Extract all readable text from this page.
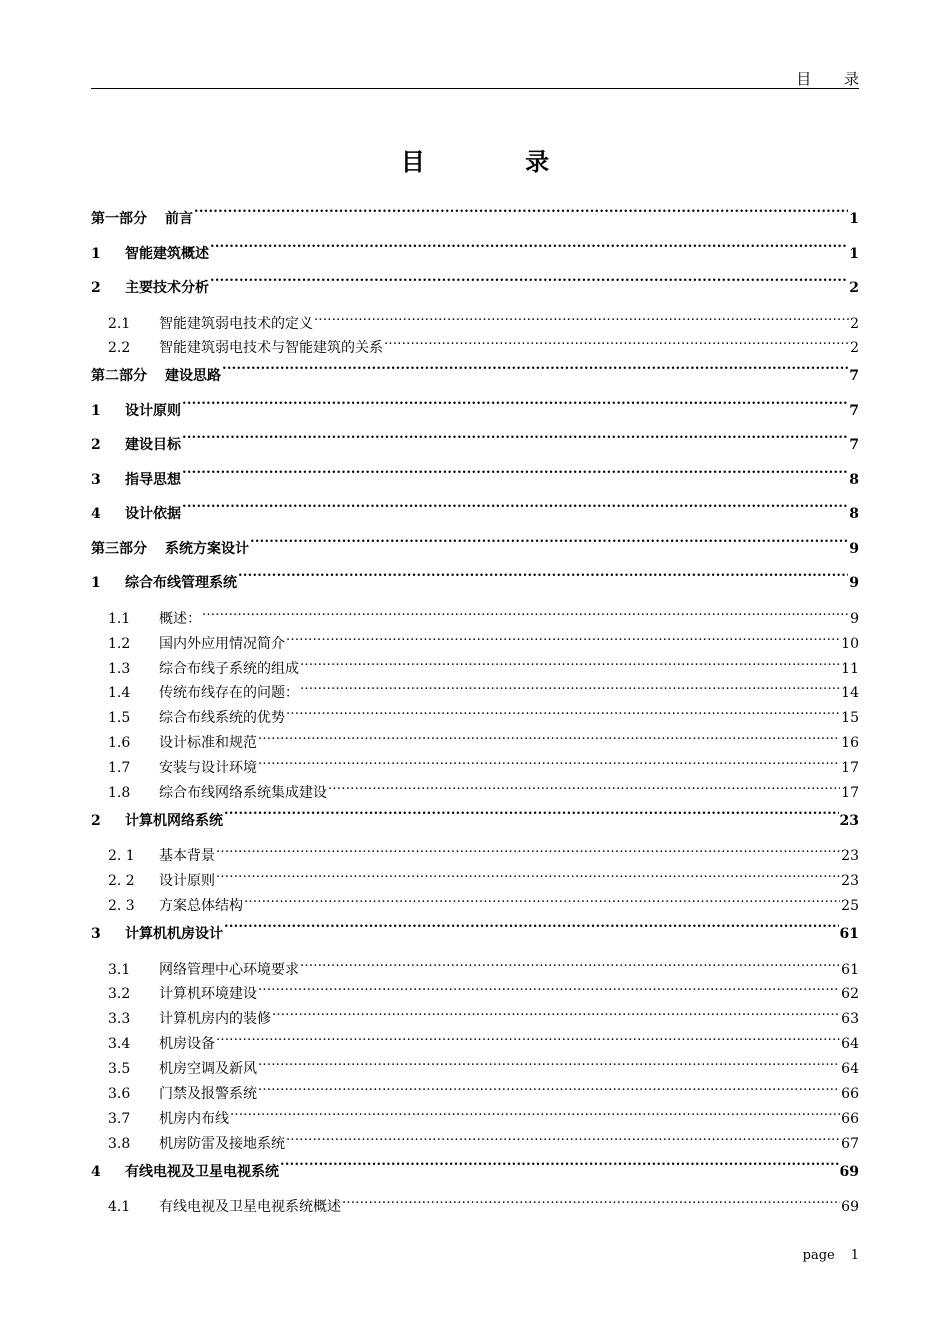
目 录
目 录
第一部分 前言 .....	1
1	智能建筑概述 .....	1
2	主要技术分析 .....	2
2.1	智能建筑弱电技术的定义 .....	2
2.2	智能建筑弱电技术与智能建筑的关系 .....	2
第二部分 建设思路 .....	7
1	设计原则 .....	7
2	建设目标 .....	7
3	指导思想 .....	8
4	设计依据 .....	8
第三部分 系统方案设计 .....	9
1	综合布线管理系统 .....	9
1.1	概述： .....	9
1.2	国内外应用情况简介 .....	10
1.3	综合布线子系统的组成 .....	11
1.4	传统布线存在的问题： .....	14
1.5	综合布线系统的优势 .....	15
1.6	设计标准和规范 .....	16
1.7	安装与设计环境 .....	17
1.8	综合布线网络系统集成建设 .....	17
2	计算机网络系统 .....	23
2. 1	基本背景 .....	23
2. 2	设计原则 .....	23
2. 3	方案总体结构 .....	25
3	计算机机房设计 .....	61
3.1	网络管理中心环境要求 .....	61
3.2	计算机环境建设 .....	62
3.3	计算机房内的装修 .....	63
3.4	机房设备 .....	64
3.5	机房空调及新风 .....	64
3.6	门禁及报警系统 .....	66
3.7	机房内布线 .....	66
3.8	机房防雷及接地系统 .....	67
4	有线电视及卫星电视系统 .....	69
4.1	有线电视及卫星电视系统概述 .....	69
page 1
